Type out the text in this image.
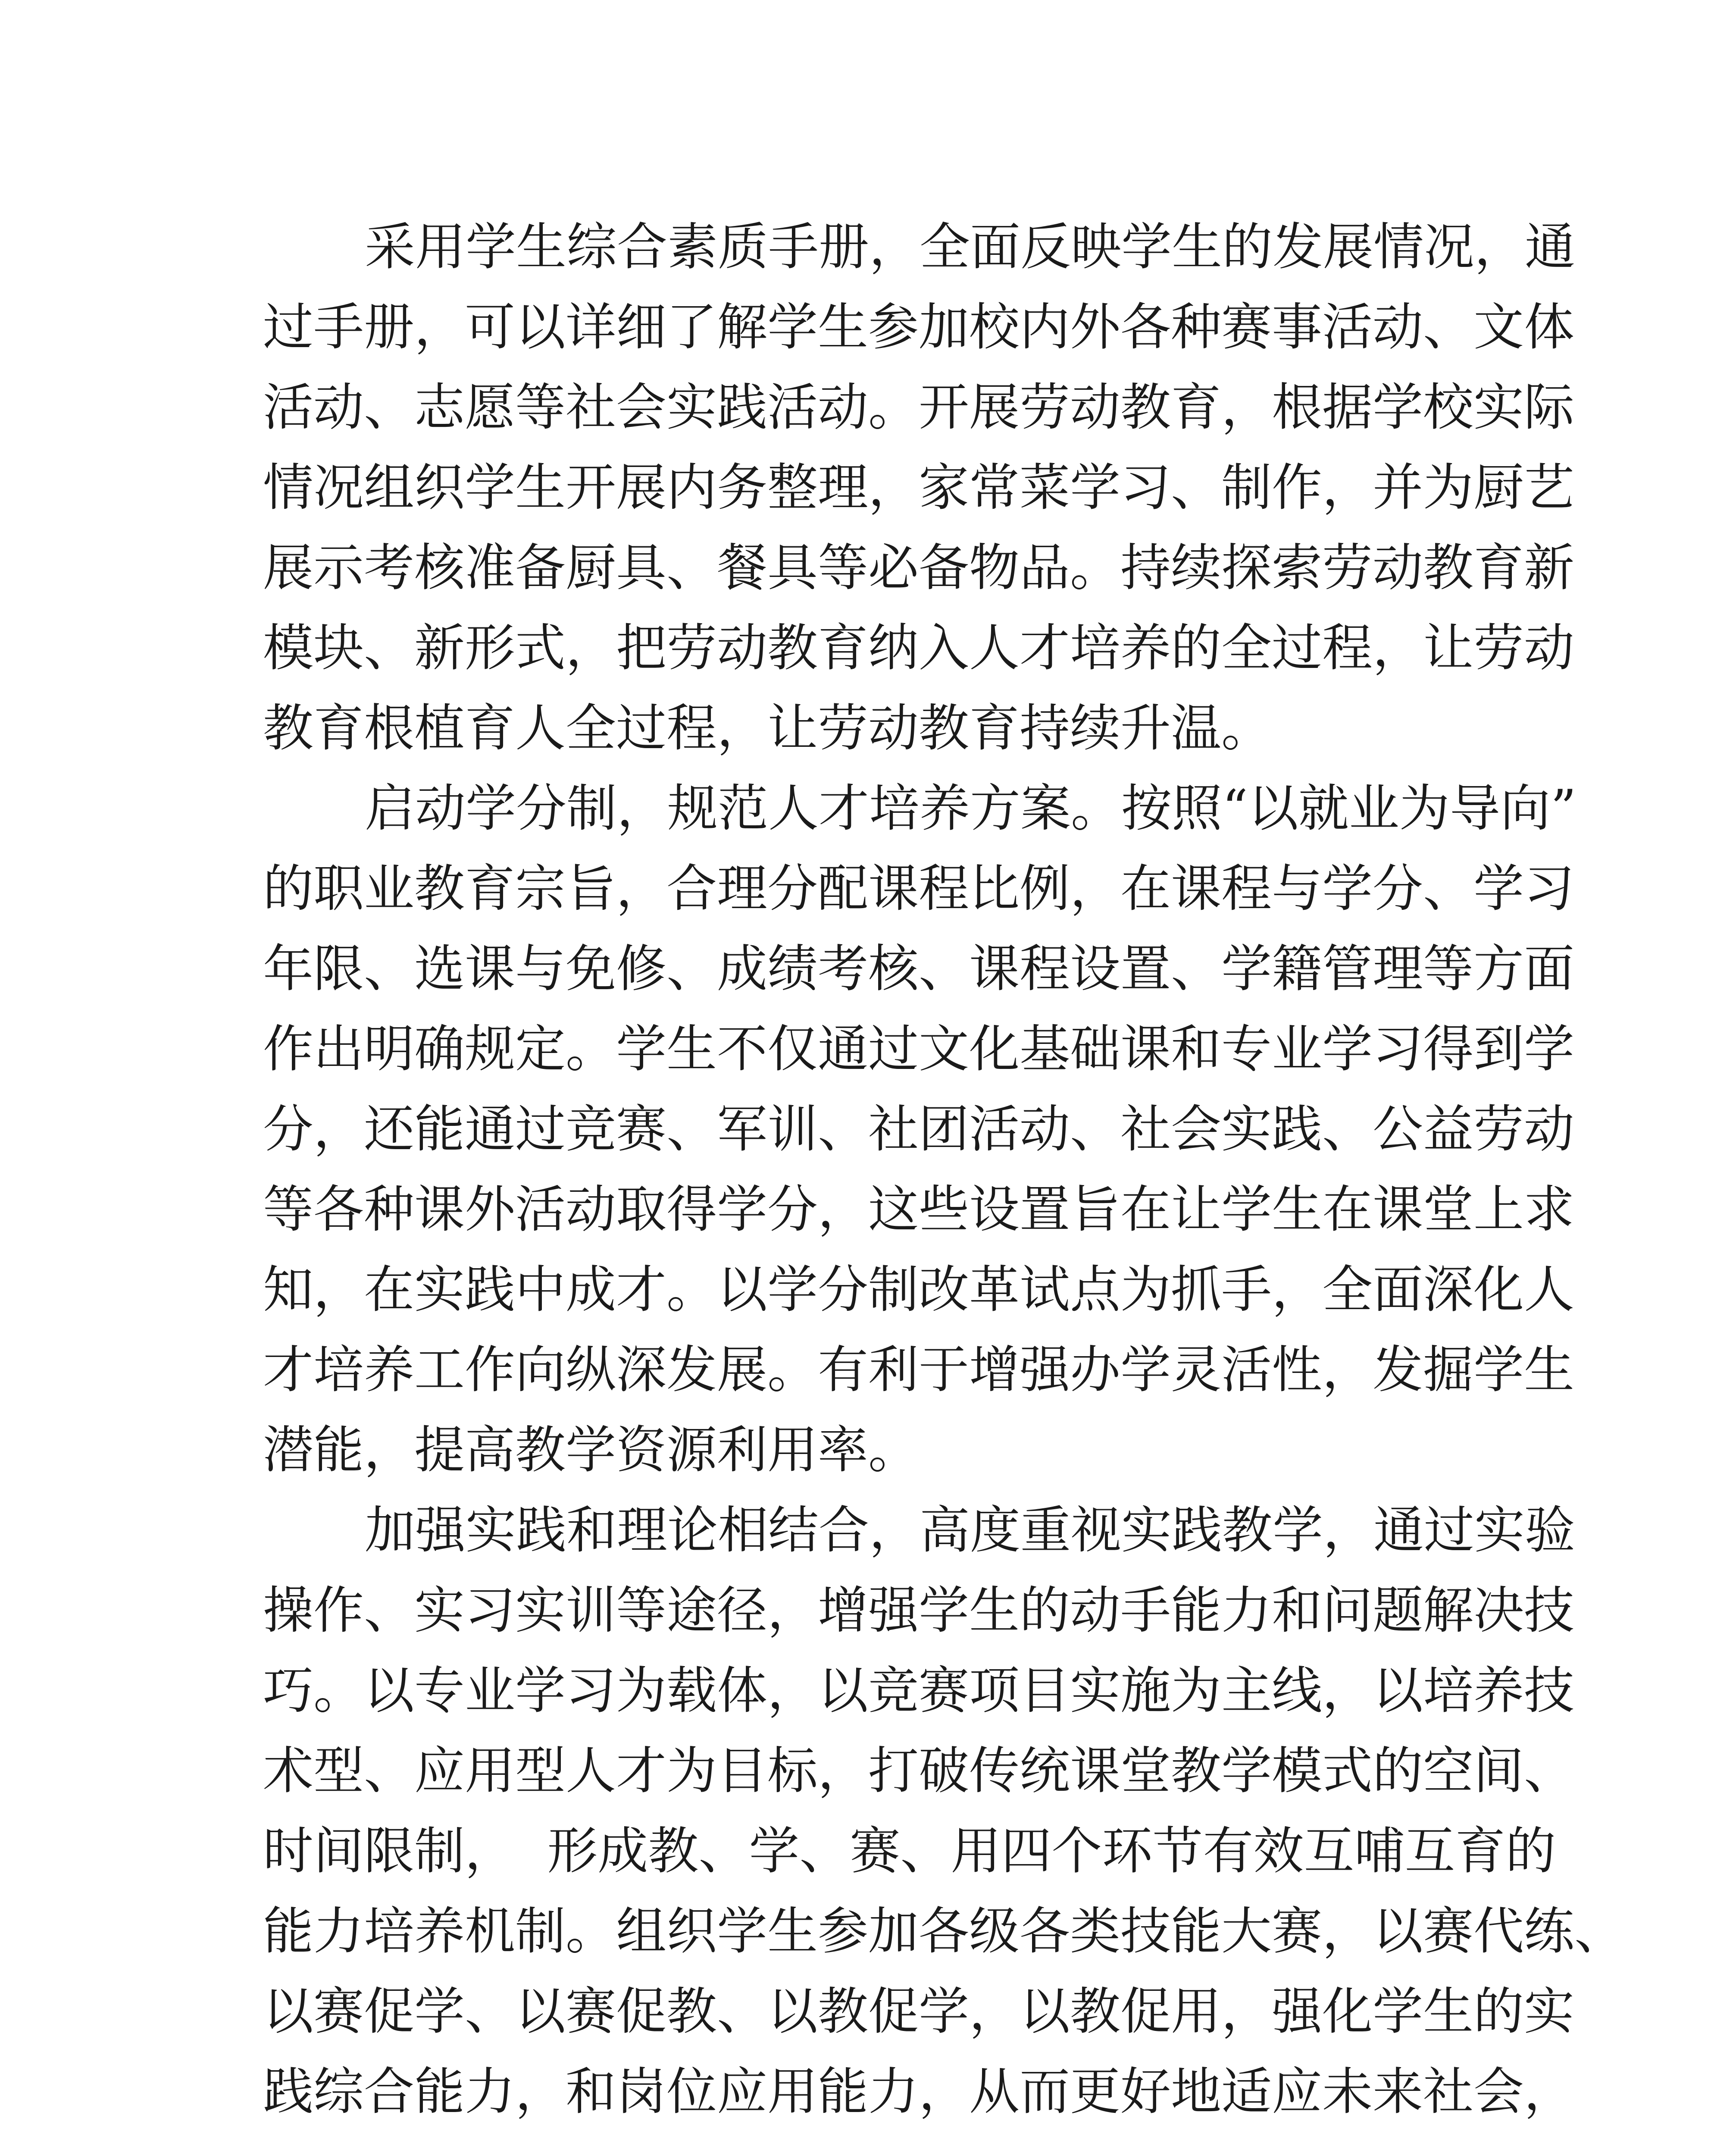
采用学生综合素质手册，全面反映学生的发展情况，通
过手册，可以详细了解学生参加校内外各种赛事活动、文体
活动、志愿等社会实践活动。开展劳动教育，根据学校实际
情况组织学生开展内务整理，家常菜学习、制作，并为厨艺
展示考核准备厨具、餐具等必备物品。持续探索劳动教育新
模块、新形式，把劳动教育纳入人才培养的全过程，让劳动
教育根植育人全过程，让劳动教育持续升温。
启动学分制，规范人才培养方案。按照“以就业为导向”
的职业教育宗旨，合理分配课程比例，在课程与学分、学习
年限、选课与免修、成绩考核、课程设置、学籍管理等方面
作出明确规定。学生不仅通过文化基础课和专业学习得到学
分，还能通过竞赛、军训、社团活动、社会实践、公益劳动
等各种课外活动取得学分，这些设置旨在让学生在课堂上求
知，在实践中成才。以学分制改革试点为抓手，全面深化人
才培养工作向纵深发展。有利于增强办学灵活性，发掘学生
潜能，提高教学资源利用率。
加强实践和理论相结合，高度重视实践教学，通过实验
操作、实习实训等途径，增强学生的动手能力和问题解决技
巧。以专业学习为载体，以竞赛项目实施为主线，以培养技
术型、应用型人才为目标，打破传统课堂教学模式的空间、
时间限制，  形成教、学、赛、用四个环节有效互哺互育的
能力培养机制。组织学生参加各级各类技能大赛，以赛代练、
以赛促学、以赛促教、以教促学，以教促用，强化学生的实
践综合能力，和岗位应用能力，从而更好地适应未来社会，
